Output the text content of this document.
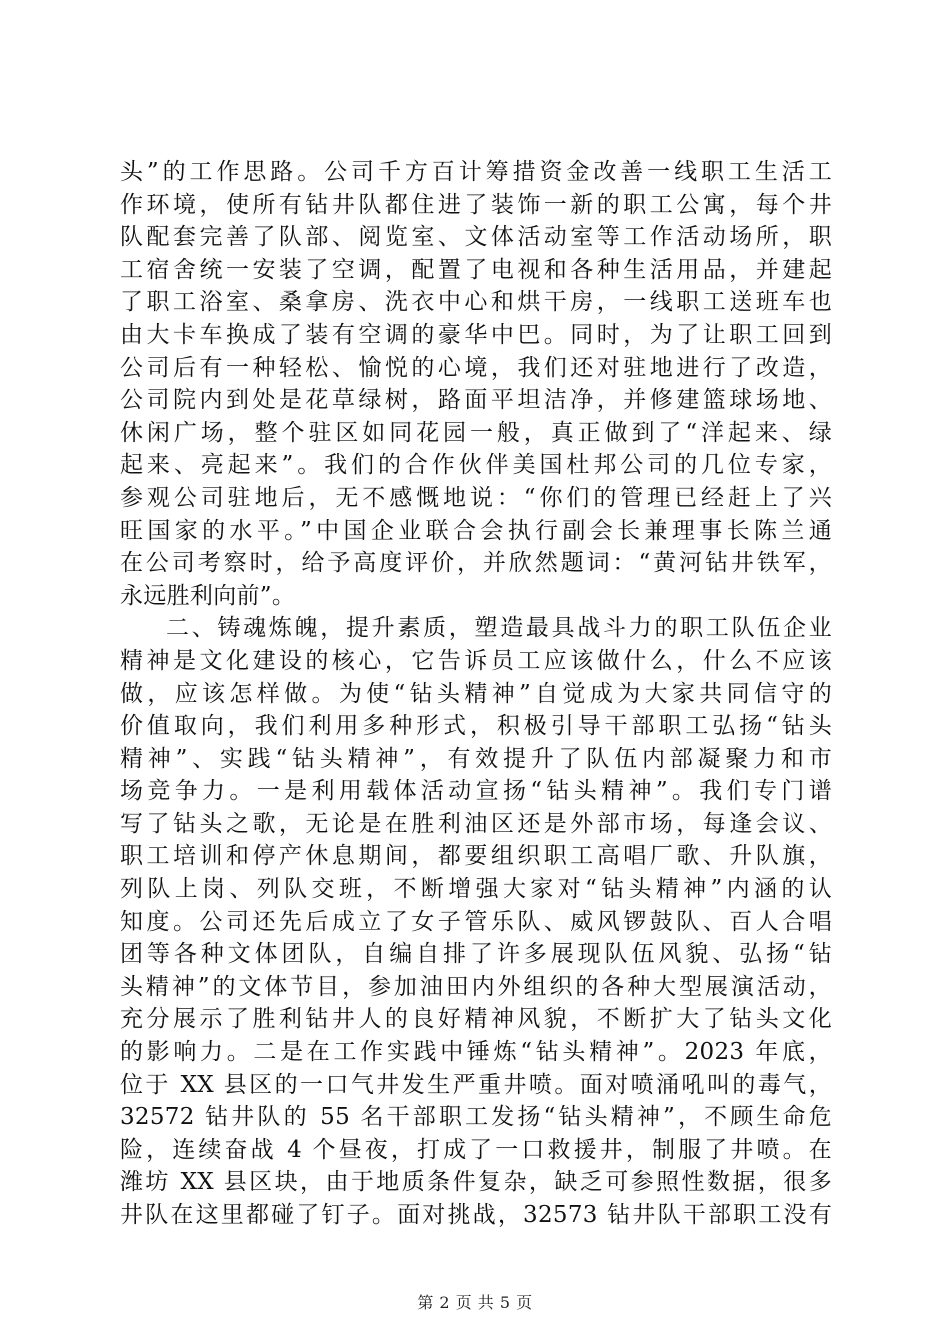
头”的工作思路。公司千方百计筹措资金改善一线职工生活工
作环境，使所有钻井队都住进了装饰一新的职工公寓，每个井
队配套完善了队部、阅览室、文体活动室等工作活动场所，职
工宿舍统一安装了空调，配置了电视和各种生活用品，并建起
了职工浴室、桑拿房、洗衣中心和烘干房，一线职工送班车也
由大卡车换成了装有空调的豪华中巴。同时，为了让职工回到
公司后有一种轻松、愉悦的心境，我们还对驻地进行了改造，
公司院内到处是花草绿树，路面平坦洁净，并修建篮球场地、
休闲广场，整个驻区如同花园一般，真正做到了“洋起来、绿
起来、亮起来”。我们的合作伙伴美国杜邦公司的几位专家，
参观公司驻地后，无不感慨地说：“你们的管理已经赶上了兴
旺国家的水平。”中国企业联合会执行副会长兼理事长陈兰通
在公司考察时，给予高度评价，并欣然题词：“黄河钻井铁军，
永远胜利向前”。
二、铸魂炼魄，提升素质，塑造最具战斗力的职工队伍企业
精神是文化建设的核心，它告诉员工应该做什么，什么不应该
做，应该怎样做。为使“钻头精神”自觉成为大家共同信守的
价值取向，我们利用多种形式，积极引导干部职工弘扬“钻头
精神”、实践“钻头精神”，有效提升了队伍内部凝聚力和市
场竞争力。一是利用载体活动宣扬“钻头精神”。我们专门谱
写了钻头之歌，无论是在胜利油区还是外部市场，每逢会议、
职工培训和停产休息期间，都要组织职工高唱厂歌、升队旗，
列队上岗、列队交班，不断增强大家对“钻头精神”内涵的认
知度。公司还先后成立了女子管乐队、威风锣鼓队、百人合唱
团等各种文体团队，自编自排了许多展现队伍风貌、弘扬“钻
头精神”的文体节目，参加油田内外组织的各种大型展演活动，
充分展示了胜利钻井人的良好精神风貌，不断扩大了钻头文化
的影响力。二是在工作实践中锤炼“钻头精神”。2023 年底，
位于 XX 县区的一口气井发生严重井喷。面对喷涌吼叫的毒气，
32572 钻井队的 55 名干部职工发扬“钻头精神”，不顾生命危
险，连续奋战 4 个昼夜，打成了一口救援井，制服了井喷。在
潍坊 XX 县区块，由于地质条件复杂，缺乏可参照性数据，很多
井队在这里都碰了钉子。面对挑战，32573 钻井队干部职工没有
第 2 页 共 5 页
